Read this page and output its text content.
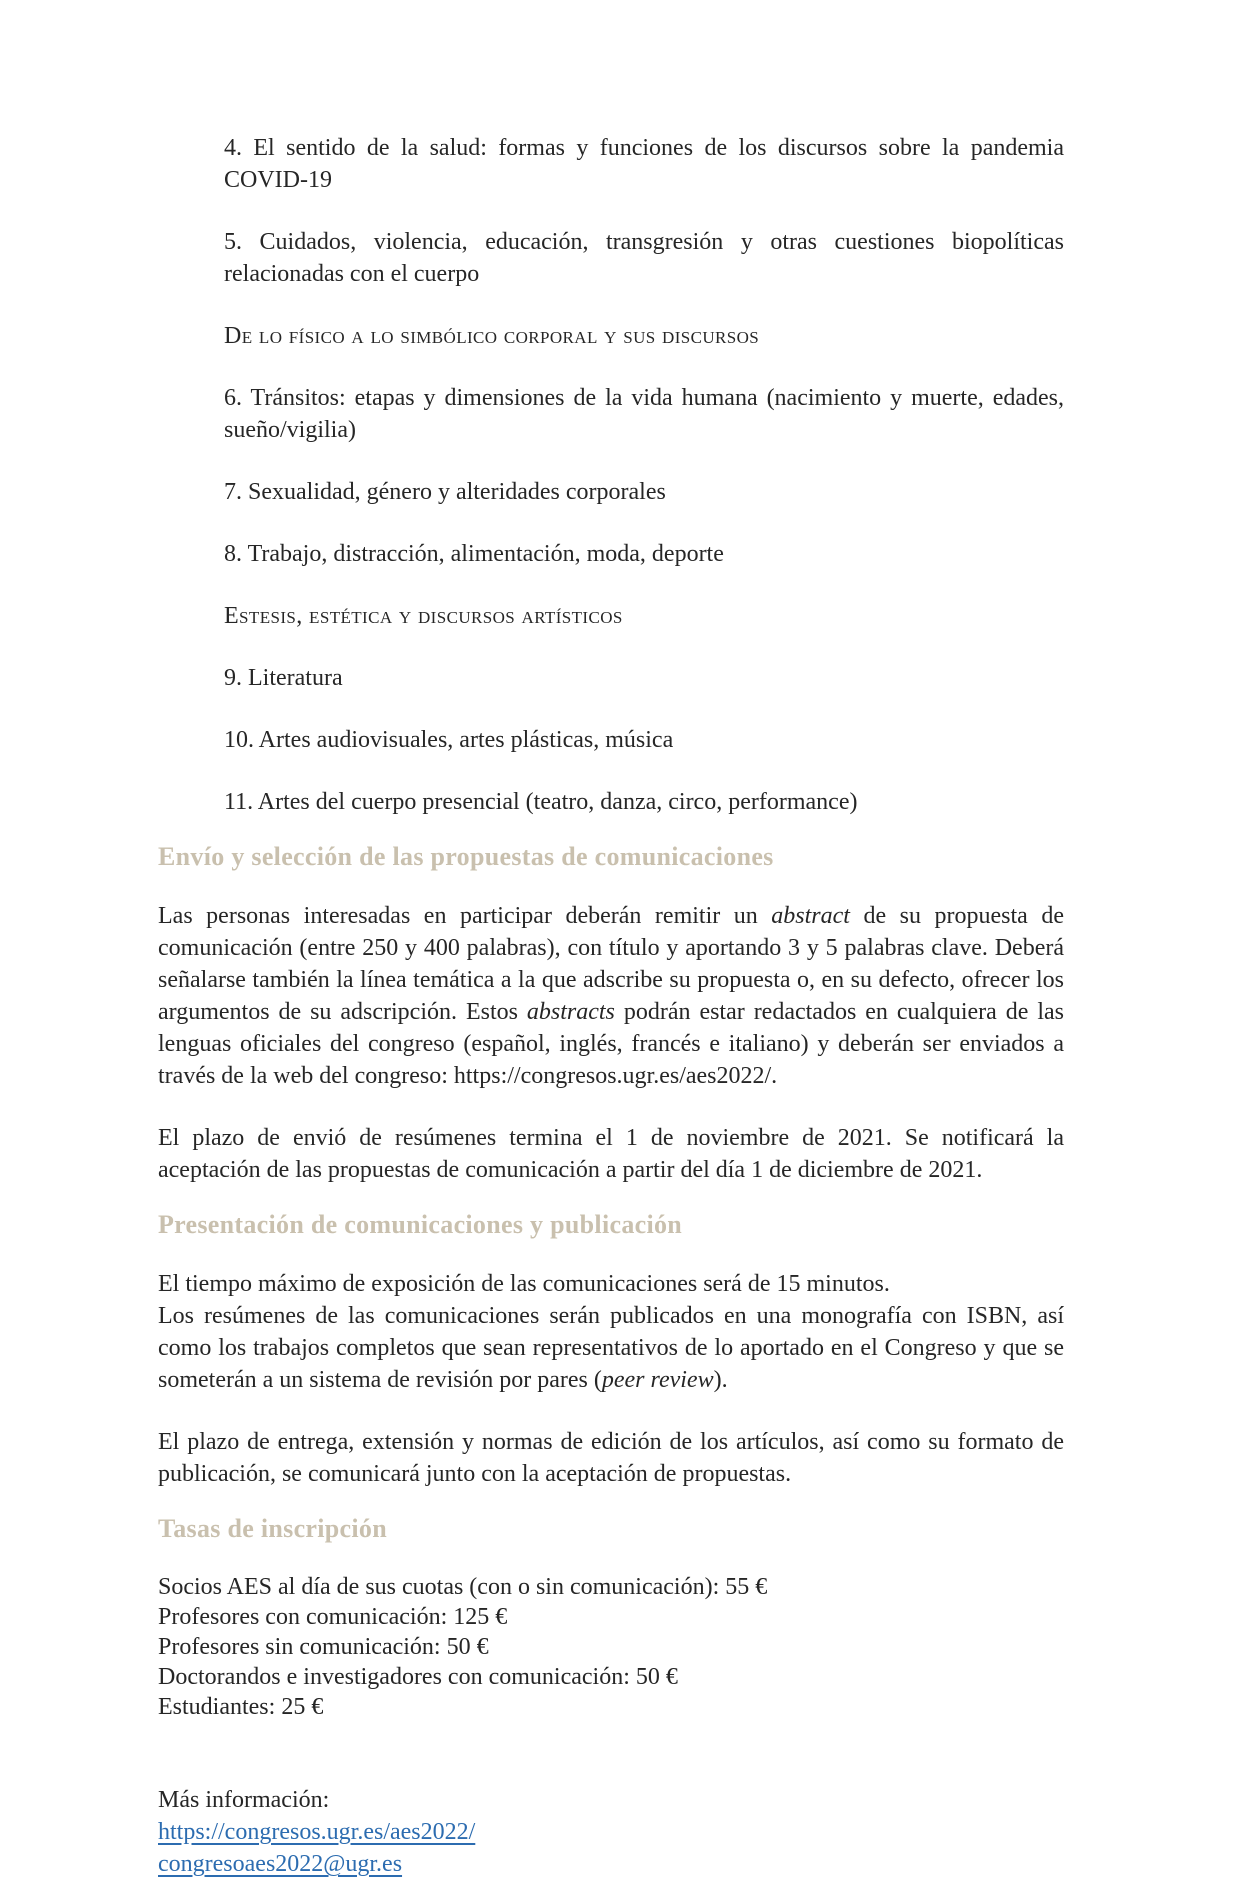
4. El sentido de la salud: formas y funciones de los discursos sobre la pandemia COVID-19

5. Cuidados, violencia, educación, transgresión y otras cuestiones biopolíticas relacionadas con el cuerpo

De lo físico a lo simbólico corporal y sus discursos

6. Tránsitos: etapas y dimensiones de la vida humana (nacimiento y muerte, edades, sueño/vigilia)

7. Sexualidad, género y alteridades corporales

8. Trabajo, distracción, alimentación, moda, deporte

Estesis, estética y discursos artísticos

9. Literatura

10. Artes audiovisuales, artes plásticas, música

11. Artes del cuerpo presencial (teatro, danza, circo, performance)

Envío y selección de las propuestas de comunicaciones

Las personas interesadas en participar deberán remitir un abstract de su propuesta de comunicación (entre 250 y 400 palabras), con título y aportando 3 y 5 palabras clave. Deberá señalarse también la línea temática a la que adscribe su propuesta o, en su defecto, ofrecer los argumentos de su adscripción. Estos abstracts podrán estar redactados en cualquiera de las lenguas oficiales del congreso (español, inglés, francés e italiano) y deberán ser enviados a través de la web del congreso: https://congresos.ugr.es/aes2022/.

El plazo de envió de resúmenes termina el 1 de noviembre de 2021. Se notificará la aceptación de las propuestas de comunicación a partir del día 1 de diciembre de 2021.

Presentación de comunicaciones y publicación

El tiempo máximo de exposición de las comunicaciones será de 15 minutos.

Los resúmenes de las comunicaciones serán publicados en una monografía con ISBN, así como los trabajos completos que sean representativos de lo aportado en el Congreso y que se someterán a un sistema de revisión por pares (peer review).

El plazo de entrega, extensión y normas de edición de los artículos, así como su formato de publicación, se comunicará junto con la aceptación de propuestas.

Tasas de inscripción
Socios AES al día de sus cuotas (con o sin comunicación): 55 €
Profesores con comunicación: 125 €
Profesores sin comunicación: 50 €
Doctorandos e investigadores con comunicación: 50 €
Estudiantes: 25 €
Más información:
https://congresos.ugr.es/aes2022/
congresoaes2022@ugr.es
